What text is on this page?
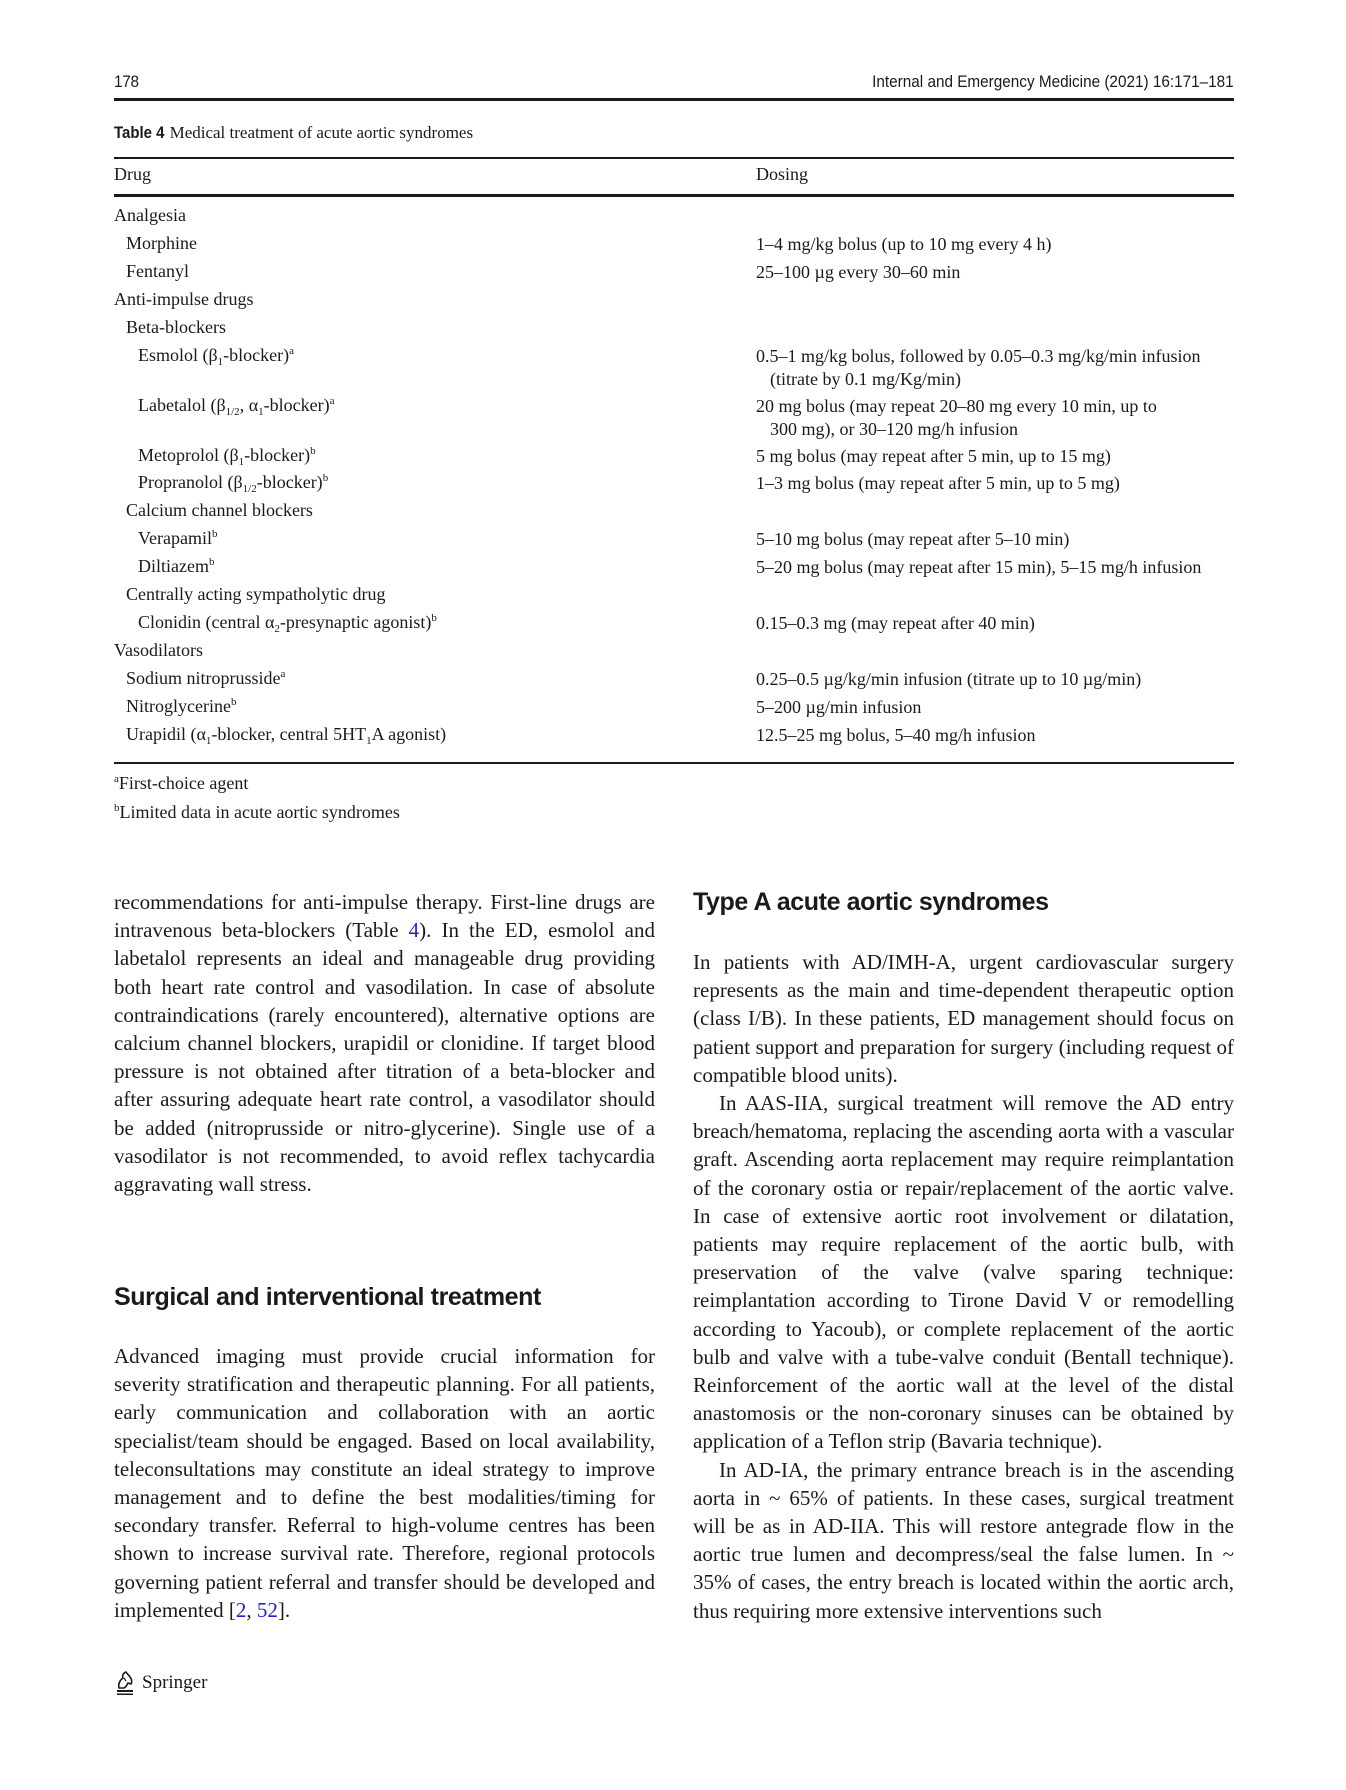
178	Internal and Emergency Medicine (2021) 16:171–181
Table 4 Medical treatment of acute aortic syndromes
Drug	Dosing
Analgesia
Morphine	1–4 mg/kg bolus (up to 10 mg every 4 h)
Fentanyl	25–100 µg every 30–60 min
Anti-impulse drugs
Beta-blockers
Esmolol $(\beta_1-blocker)^a$	0.5–1 mg/kg bolus, followed by 0.05–0.3 mg/kg/min infusion
(titrate by 0.1 mg/Kg/min)
Labetalol ($\beta_{1/2}$, $\alpha_1-blocker)^a$	20 mg bolus (may repeat 20–80 mg every 10 min, up to
300 mg), or 30–120 mg/h infusion
Metoprolol $(\beta_1-blocker)^b$	5 mg bolus (may repeat after 5 min, up to 15 mg)
Propranolol $(\beta_{1/2}-blocker)^b$	1–3 mg bolus (may repeat after 5 min, up to 5 mg)
Calcium channel blockers
Verapamil$^b$	5–10 mg bolus (may repeat after 5–10 min)
Diltiazem$^b$	5–20 mg bolus (may repeat after 15 min), 5–15 mg/h infusion
Centrally acting sympatholytic drug
Clonidin (central $\alpha_2$-presynaptic agonist)$^b$	0.15–0.3 mg (may repeat after 40 min)
Vasodilators
Sodium nitroprusside$^a$	0.25–0.5 µg/kg/min infusion (titrate up to 10 µg/min)
Nitroglycerine$^b$	5–200 µg/min infusion
Urapidil ($\alpha_1$-blocker, central $5HT_1A$ agonist)	12.5–25 mg bolus, 5–40 mg/h infusion
$^a$First-choice agent
$^b$Limited data in acute aortic syndromes

recommendations for anti-impulse therapy. First-line drugs are intravenous beta-blockers (Table 4). In the ED, esmolol and labetalol represents an ideal and manageable drug providing both heart rate control and vasodilation. In case of absolute contraindications (rarely encountered), alternative options are calcium channel blockers, urapidil or clonidine. If target blood pressure is not obtained after titration of a beta-blocker and after assuring adequate heart rate control, a vasodilator should be added (nitroprusside or nitro-glycerine). Single use of a vasodilator is not recommended, to avoid reflex tachycardia aggravating wall stress.

Surgical and interventional treatment

Advanced imaging must provide crucial information for severity stratification and therapeutic planning. For all patients, early communication and collaboration with an aortic specialist/team should be engaged. Based on local availability, teleconsultations may constitute an ideal strategy to improve management and to define the best modalities/timing for secondary transfer. Referral to high-volume centres has been shown to increase survival rate. Therefore, regional protocols governing patient referral and transfer should be developed and implemented [2, 52].

Type A acute aortic syndromes

In patients with AD/IMH-A, urgent cardiovascular surgery represents as the main and time-dependent therapeutic option (class I/B). In these patients, ED management should focus on patient support and preparation for surgery (including request of compatible blood units).

In AAS-IIA, surgical treatment will remove the AD entry breach/hematoma, replacing the ascending aorta with a vascular graft. Ascending aorta replacement may require reimplantation of the coronary ostia or repair/replacement of the aortic valve. In case of extensive aortic root involvement or dilatation, patients may require replacement of the aortic bulb, with preservation of the valve (valve sparing technique: reimplantation according to Tirone David V or remodelling according to Yacoub), or complete replacement of the aortic bulb and valve with a tube-valve conduit (Bentall technique). Reinforcement of the aortic wall at the level of the distal anastomosis or the non-coronary sinuses can be obtained by application of a Teflon strip (Bavaria technique).

In AD-IA, the primary entrance breach is in the ascending aorta in ~ 65% of patients. In these cases, surgical treatment will be as in AD-IIA. This will restore antegrade flow in the aortic true lumen and decompress/seal the false lumen. In ~ 35% of cases, the entry breach is located within the aortic arch, thus requiring more extensive interventions such

Springer
